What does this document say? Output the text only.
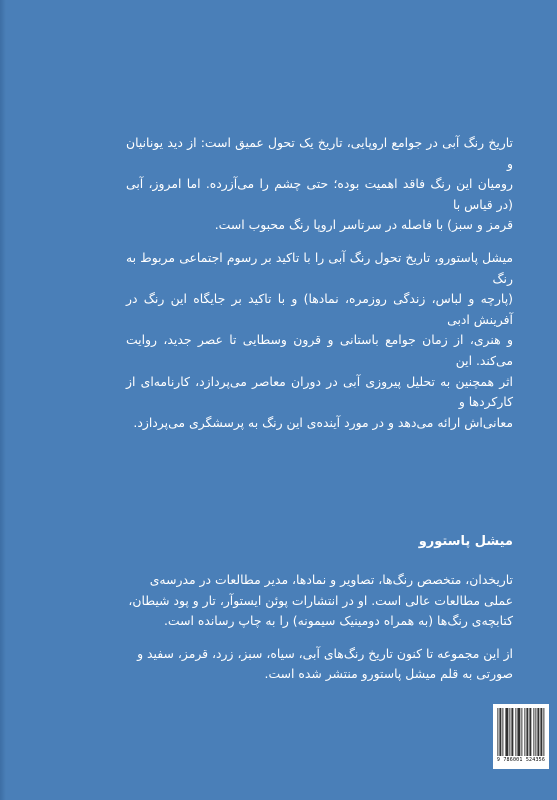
تاریخ رنگ آبی در جوامع اروپایی، تاریخ یک تحول عمیق است: از دید یونانیان و
رومیان این رنگ فاقد اهمیت بوده؛ حتی چشم را می‌آزرده. اما امروز، آبی (در قیاس با
قرمز و سبز) با فاصله در سرتاسر اروپا رنگ محبوب است.

میشل پاستورو، تاریخ تحول رنگ آبی را با تاکید بر رسوم اجتماعی مربوط به رنگ
(پارچه و لباس، زندگی روزمره، نمادها) و با تاکید بر جایگاه این رنگ در آفرینش ادبی
و هنری، از زمان جوامع باستانی و قرون وسطایی تا عصر جدید، روایت می‌کند. این
اثر همچنین به تحلیل پیروزی آبی در دوران معاصر می‌پردازد، کارنامه‌ای از کارکردها و
معانی‌اش ارائه می‌دهد و در مورد آینده‌ی این رنگ به پرسشگری می‌پردازد.

میشل پاستورو

تاریخدان، متخصص رنگ‌ها، تصاویر و نمادها، مدیر مطالعات در مدرسه‌ی
عملی مطالعات عالی است. او در انتشارات پوئن ایستوآر، تار و پود شیطان،
کتابچه‌ی رنگ‌ها (به همراه دومینیک سیمونه) را به چاپ رسانده است.

از این مجموعه تا کنون تاریخ رنگ‌های آبی، سیاه، سبز، زرد، قرمز، سفید و
صورتی به قلم میشل پاستورو منتشر شده است.

9 786001 524356
